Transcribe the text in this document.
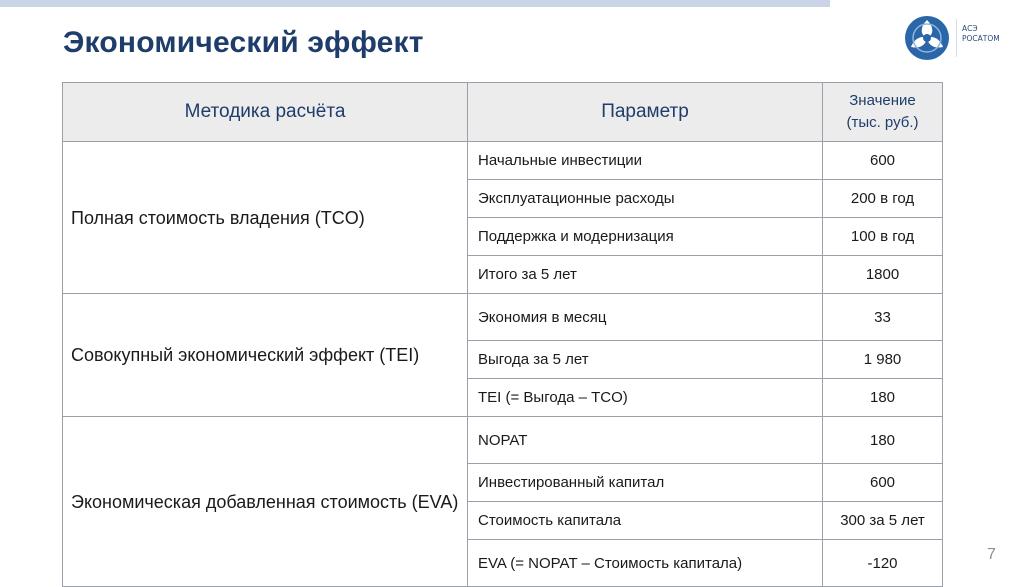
Экономический эффект	АСЭ
РОСАТОМ
Методика расчёта	Параметр	Значение
(тыс. руб.)

Полная стоимость владения (TCO)	Начальные инвестиции	600
	Эксплуатационные расходы	200 в год
	Поддержка и модернизация	100 в год
	Итого за 5 лет	1800
Совокупный экономический эффект (TEI)	Экономия в месяц	33
	Выгода за 5 лет	1 980
	TEI (= Выгода – TCO)	180
Экономическая добавленная стоимость (EVA)	NOPAT	180
	Инвестированный капитал	600
	Стоимость капитала	300 за 5 лет
	EVA (= NOPAT – Стоимость капитала)	-120	7
